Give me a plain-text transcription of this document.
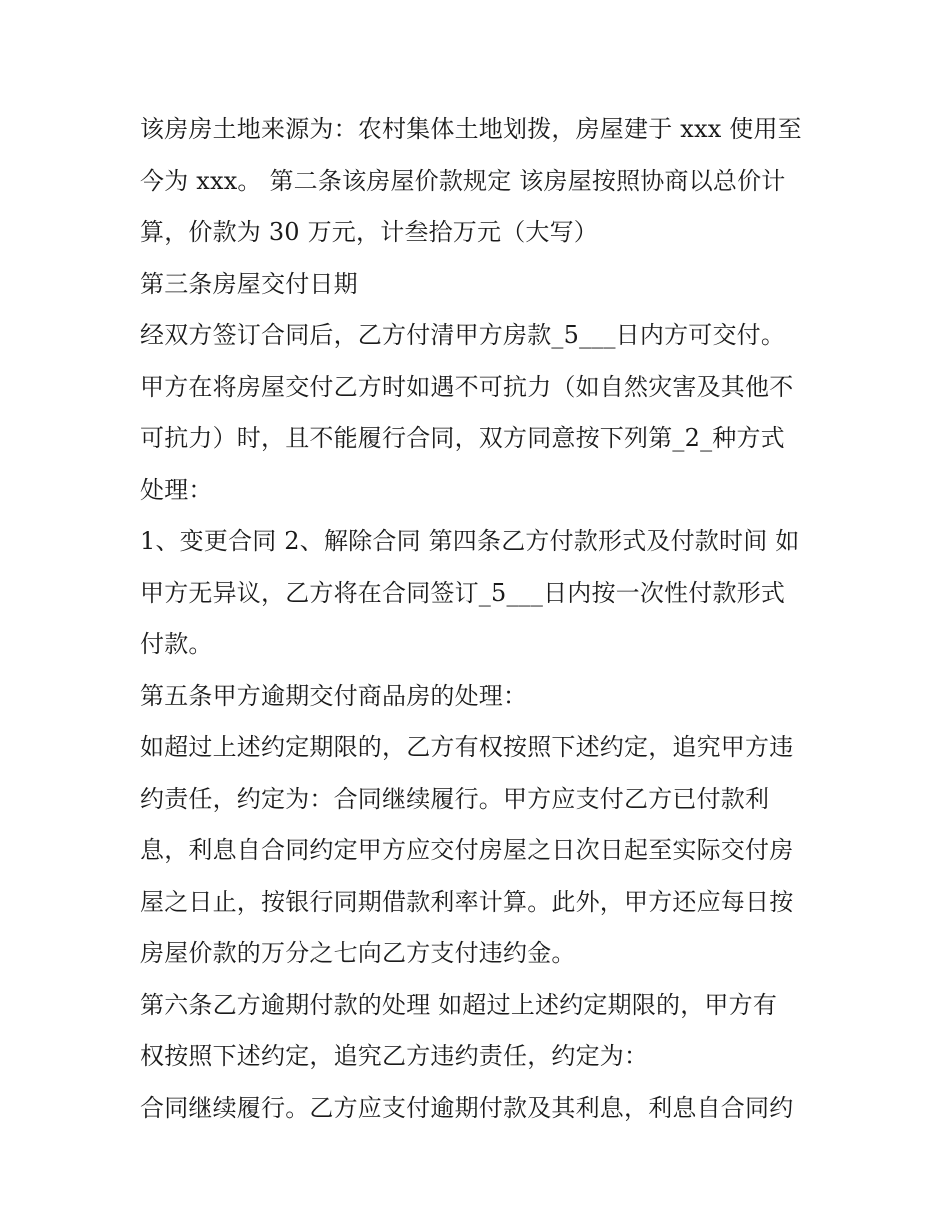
该房房土地来源为：农村集体土地划拨，房屋建于 xxx 使用至
今为 xxx。 第二条该房屋价款规定 该房屋按照协商以总价计
算，价款为 30 万元，计叁拾万元（大写）
第三条房屋交付日期
经双方签订合同后，乙方付清甲方房款_5___日内方可交付。
甲方在将房屋交付乙方时如遇不可抗力（如自然灾害及其他不
可抗力）时，且不能履行合同，双方同意按下列第_2_种方式
处理：
1、变更合同 2、解除合同 第四条乙方付款形式及付款时间 如
甲方无异议，乙方将在合同签订_5___日内按一次性付款形式
付款。
第五条甲方逾期交付商品房的处理：
如超过上述约定期限的，乙方有权按照下述约定，追究甲方违
约责任，约定为：合同继续履行。甲方应支付乙方已付款利
息，利息自合同约定甲方应交付房屋之日次日起至实际交付房
屋之日止，按银行同期借款利率计算。此外，甲方还应每日按
房屋价款的万分之七向乙方支付违约金。
第六条乙方逾期付款的处理 如超过上述约定期限的，甲方有
权按照下述约定，追究乙方违约责任，约定为：
合同继续履行。乙方应支付逾期付款及其利息，利息自合同约
